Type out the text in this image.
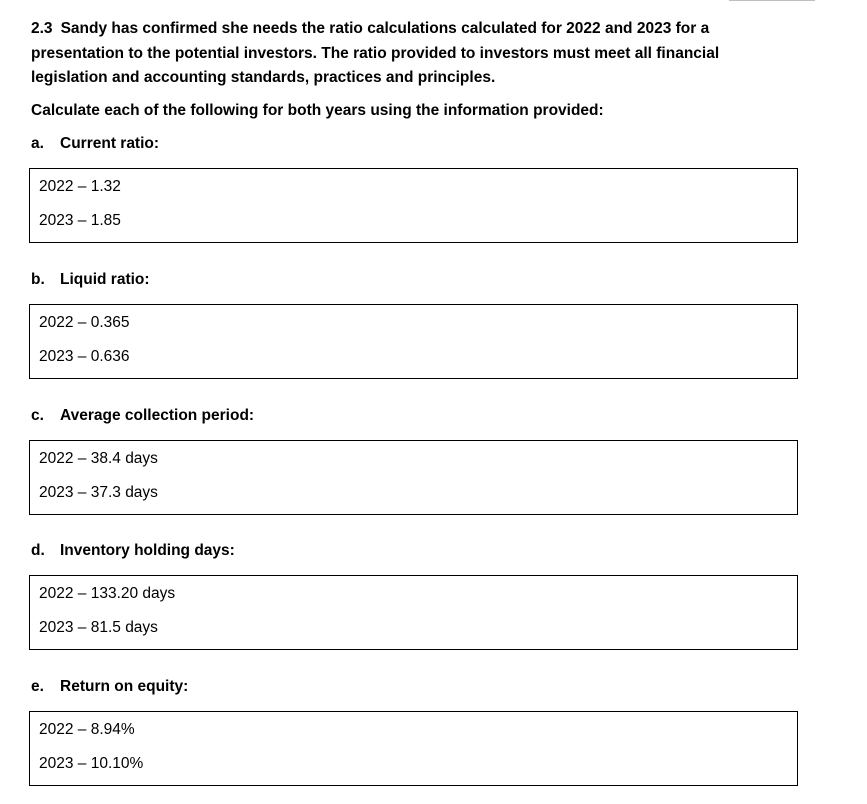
2.3 Sandy has confirmed she needs the ratio calculations calculated for 2022 and 2023 for a
presentation to the potential investors. The ratio provided to investors must meet all financial
legislation and accounting standards, practices and principles.

Calculate each of the following for both years using the information provided:

a. Current ratio:

2022 – 1.32

2023 – 1.85

b. Liquid ratio:

2022 – 0.365

2023 – 0.636

c. Average collection period:

2022 – 38.4 days

2023 – 37.3 days

d. Inventory holding days:

2022 – 133.20 days

2023 – 81.5 days

e. Return on equity:

2022 – 8.94%

2023 – 10.10%
